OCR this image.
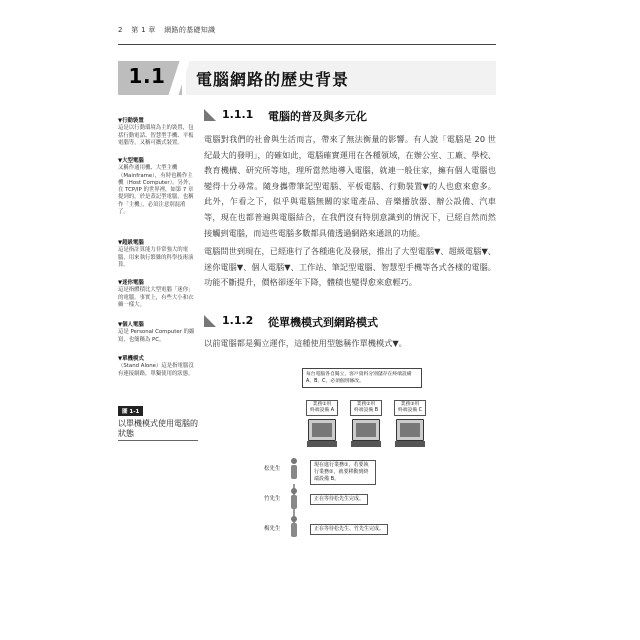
2 第 1 章 網路的基礎知識
1.1	電腦網路的歷史背景

▼行動裝置

這是以行動環境為主的裝置，包括行動電話、智慧型手機、平板電腦等，又稱可攜式裝置。

▼大型電腦

又稱作通用機、大型主機（Mainframe），有時也稱作主機（Host Computer）。另外，在 TCP/IP 的世界裡，如第 7 章提到的，於是蓋記型電腦，也稱作「主機」，必須注意別混淆了。

▼超級電腦

這是指計算能力非常強大的電腦，用來執行繁雜的科學技術演算。

▼迷你電腦

這是指體積比大型電腦「迷你」的電腦。事實上，有些大小和衣櫥一樣大。

▼個人電腦

這是 Personal Computer 的縮寫，也簡稱為 PC。

▼單機模式

（Stand Alone）這是指電腦沒有連接網路，單獨使用的狀態。

圖 1-1
以單機模式使用電腦的狀態
1.1.1 電腦的普及與多元化

電腦對我們的社會與生活而言，帶來了無法衡量的影響。有人說「電腦是 20 世紀最大的發明」，的確如此，電腦確實運用在各種領域，在辦公室、工廠、學校、教育機構、研究所等地，理所當然地導入電腦，就連一般住家，擁有個人電腦也變得十分尋常。隨身攜帶筆記型電腦、平板電腦、行動裝置▼的人也愈來愈多。此外，乍看之下，似乎與電腦無關的家電產品、音樂播放器、辦公設備、汽車等，現在也都普遍與電腦結合，在我們沒有特別意識到的情況下，已經自然而然接觸到電腦，而這些電腦多數都具備透過網路來通訊的功能。

電腦問世到現在，已經進行了各種進化及發展，推出了大型電腦▼、超級電腦▼、迷你電腦▼、個人電腦▼、工作站、筆記型電腦、智慧型手機等各式各樣的電腦。功能不斷提升，價格卻逐年下降，體積也變得愈來愈輕巧。

1.1.2 從單機模式到網路模式

以前電腦都是獨立運作，這種使用型態稱作單機模式▼。

每台電腦各自獨立，客戶資料分別儲存在終端設備 A、B、C，必須個別修改。
業務①用
終端設備 A
業務②用
終端設備 B
業務③用
終端設備 C
松先生
現在進行業務①，若要執行業務②，就要移動到終端設備 B。
竹先生	正在等待松先生完成。
梅先生	正在等待松先生、竹先生完成。
